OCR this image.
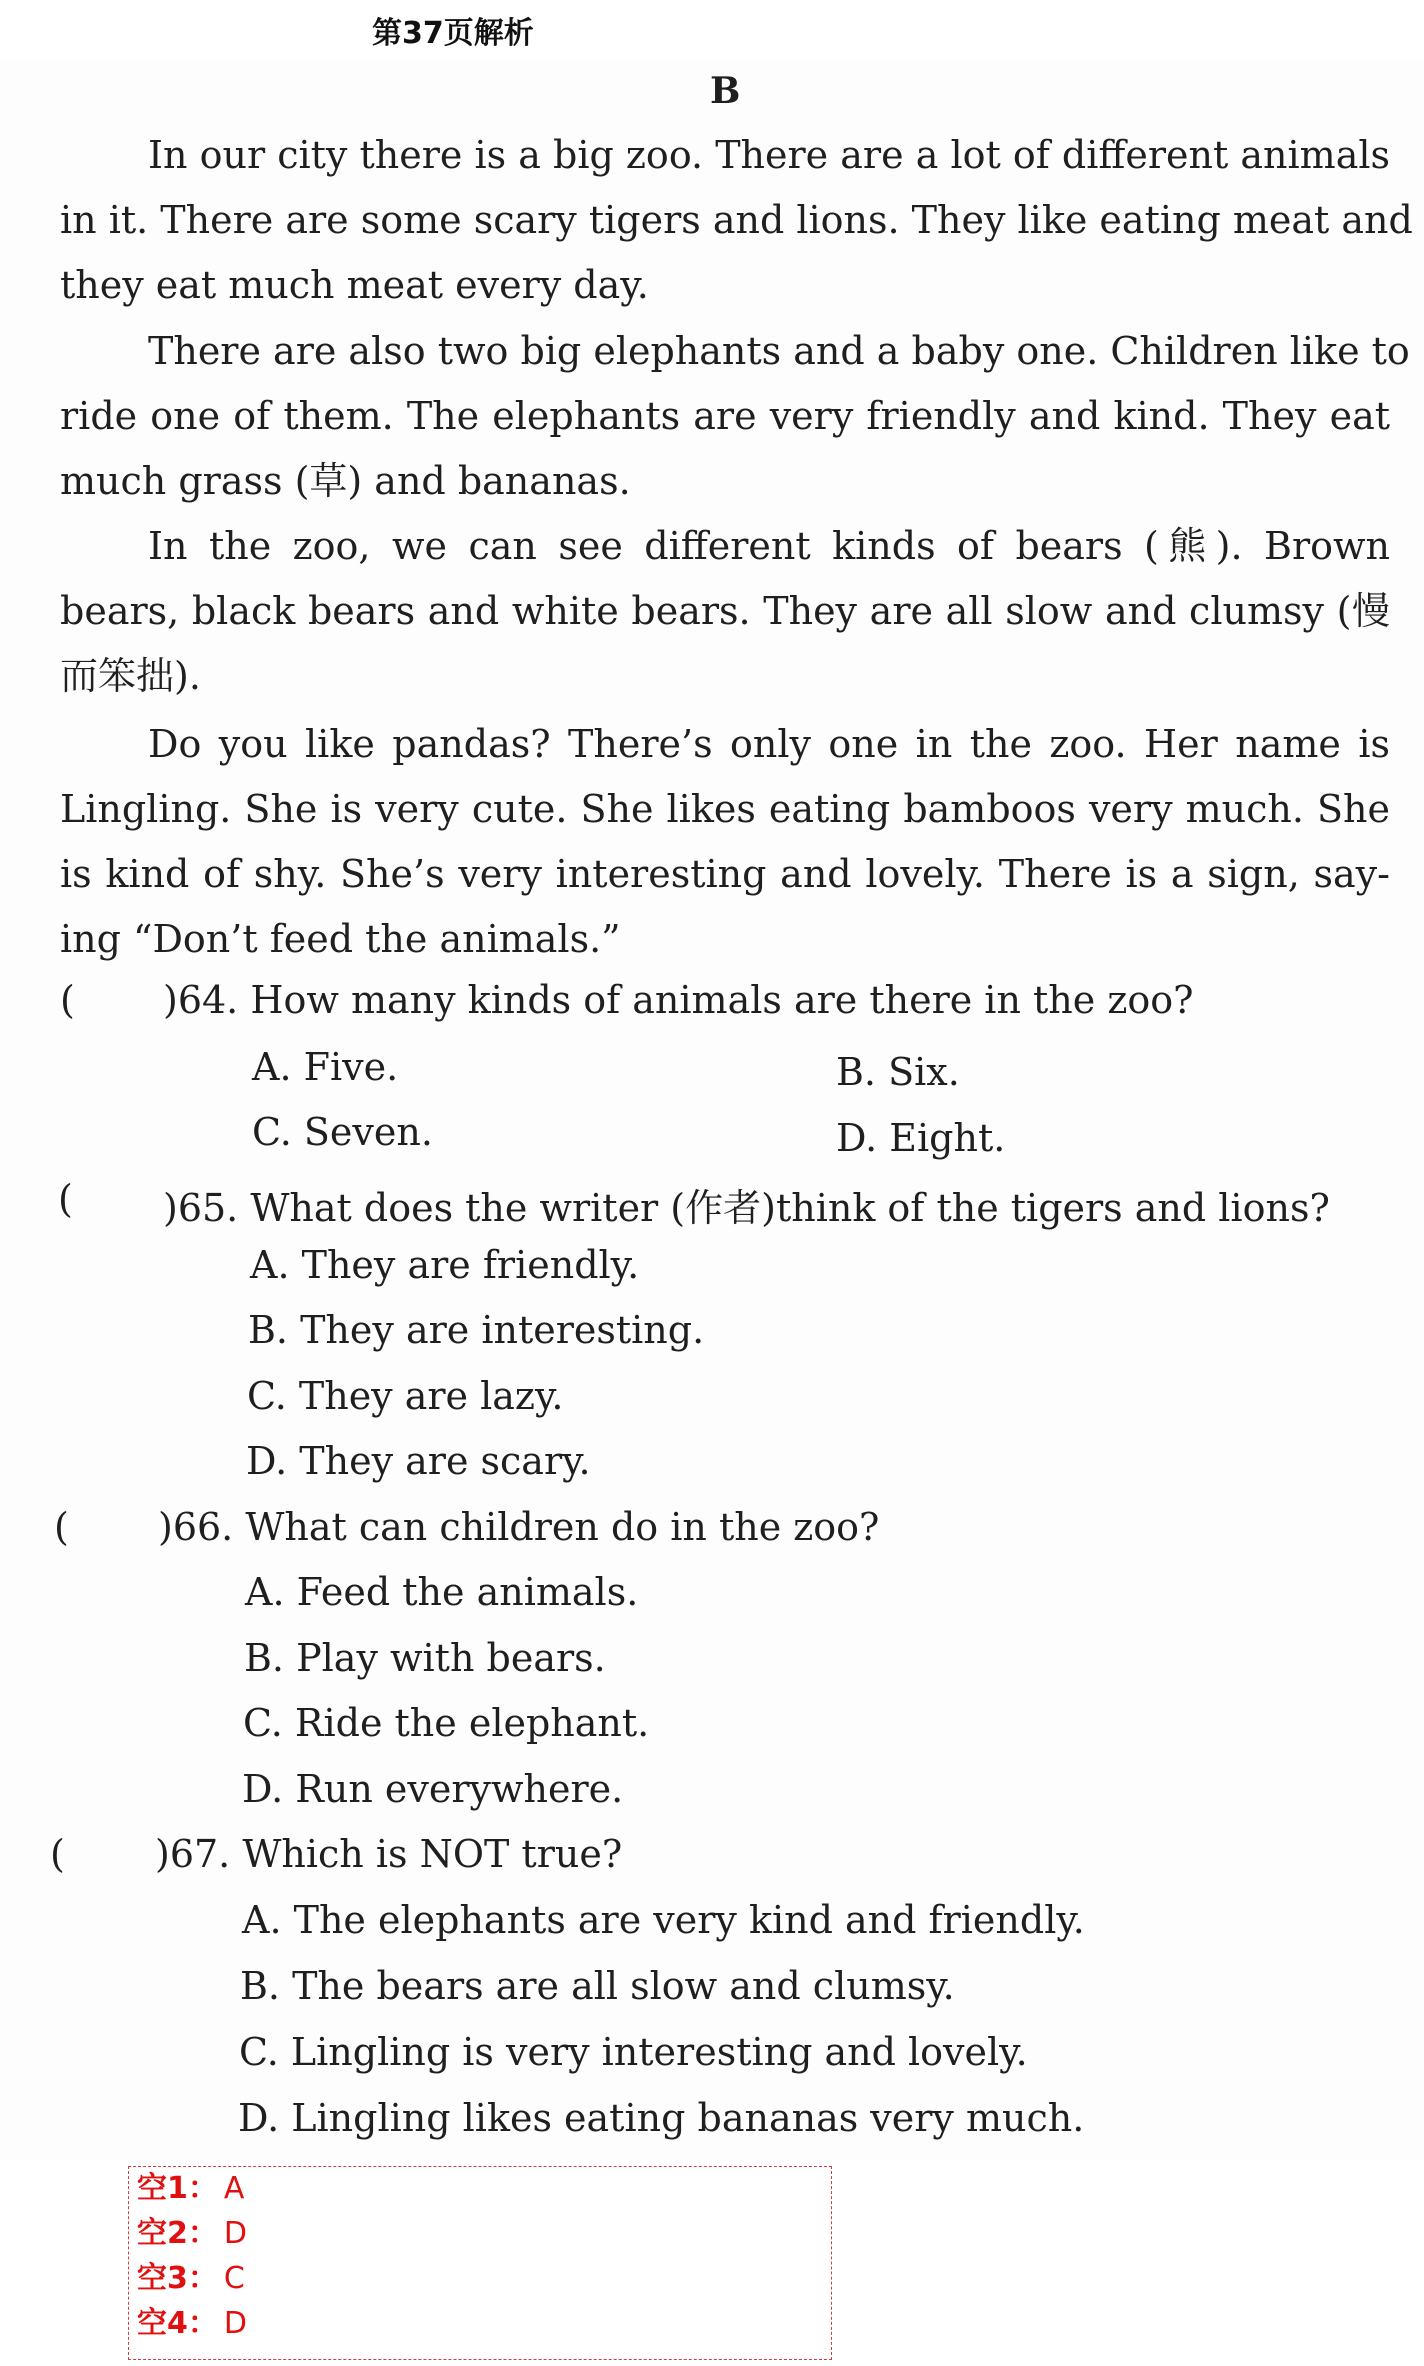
第37页解析
B
In our city there is a big zoo. There are a lot of different animals
in it. There are some scary tigers and lions. They like eating meat and
they eat much meat every day.
There are also two big elephants and a baby one. Children like to
ride one of them. The elephants are very friendly and kind. They eat
much grass (草) and bananas.
In the zoo, we can see different kinds of bears (熊). Brown
bears, black bears and white bears. They are all slow and clumsy (慢
而笨拙).
Do you like pandas? There’s only one in the zoo. Her name is
Lingling. She is very cute. She likes eating bamboos very much. She
is kind of shy. She’s very interesting and lovely. There is a sign, say-
ing “Don’t feed the animals.”
( )64. How many kinds of animals are there in the zoo?
A. Five.	B. Six.
C. Seven.	D. Eight.
( )65. What does the writer (作者)think of the tigers and lions?
A. They are friendly.
B. They are interesting.
C. They are lazy.
D. They are scary.
( )66. What can children do in the zoo?
A. Feed the animals.
B. Play with bears.
C. Ride the elephant.
D. Run everywhere.
( )67. Which is NOT true?
A. The elephants are very kind and friendly.
B. The bears are all slow and clumsy.
C. Lingling is very interesting and lovely.
D. Lingling likes eating bananas very much.
空1： A
空2： D
空3： C
空4： D
